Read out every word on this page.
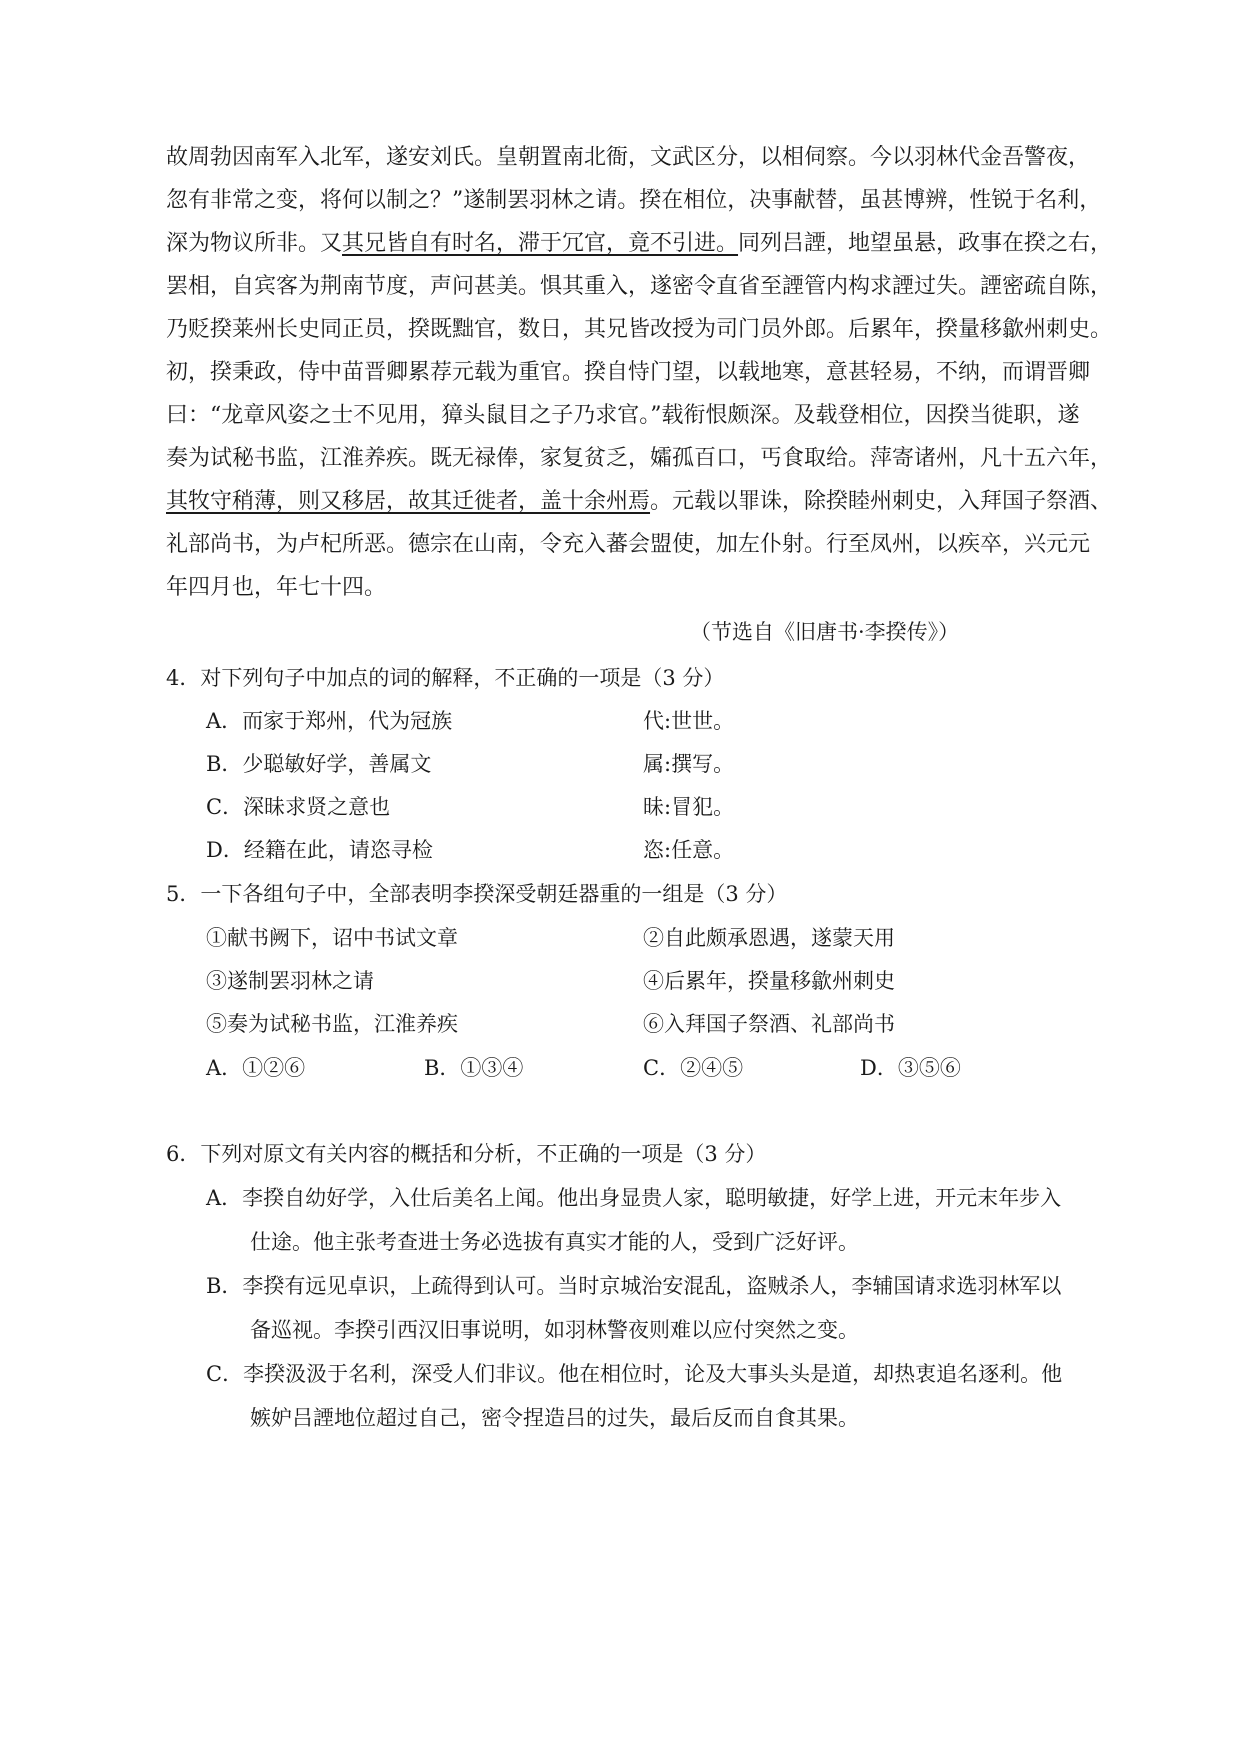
故周勃因南军入北军，遂安刘氏。皇朝置南北衙，文武区分，以相伺察。今以羽林代金吾警夜，
忽有非常之变，将何以制之？”遂制罢羽林之请。揆在相位，决事献替，虽甚博辨，性锐于名利，
深为物议所非。又其兄皆自有时名，滞于冗官，竟不引进。同列吕諲，地望虽悬，政事在揆之右，
罢相，自宾客为荆南节度，声问甚美。惧其重入，遂密令直省至諲管内构求諲过失。諲密疏自陈，
乃贬揆莱州长史同正员，揆既黜官，数日，其兄皆改授为司门员外郎。后累年，揆量移歙州刺史。
初，揆秉政，侍中苗晋卿累荐元载为重官。揆自恃门望，以载地寒，意甚轻易，不纳，而谓晋卿
曰：“龙章风姿之士不见用，獐头鼠目之子乃求官。”载衔恨颇深。及载登相位，因揆当徙职，遂
奏为试秘书监，江淮养疾。既无禄俸，家复贫乏，孀孤百口，丐食取给。萍寄诸州，凡十五六年，
其牧守稍薄，则又移居，故其迁徙者，盖十余州焉。元载以罪诛，除揆睦州刺史，入拜国子祭酒、
礼部尚书，为卢杞所恶。德宗在山南，令充入蕃会盟使，加左仆射。行至凤州，以疾卒，兴元元
年四月也，年七十四。
（节选自《旧唐书·李揆传》）
4．对下列句子中加点的词的解释，不正确的一项是（3 分）
A．而家于郑州，代为冠族	代:世世。
B．少聪敏好学，善属文	属:撰写。
C．深昧求贤之意也	昧:冒犯。
D．经籍在此，请恣寻检	恣:任意。
5．一下各组句子中，全部表明李揆深受朝廷器重的一组是（3 分）
①献书阙下，诏中书试文章	②自此颇承恩遇，遂蒙天用
③遂制罢羽林之请	④后累年，揆量移歙州刺史
⑤奏为试秘书监，江淮养疾	⑥入拜国子祭酒、礼部尚书
A．①②⑥	B．①③④	C．②④⑤	D．③⑤⑥
6．下列对原文有关内容的概括和分析，不正确的一项是（3 分）
A．李揆自幼好学，入仕后美名上闻。他出身显贵人家，聪明敏捷，好学上进，开元末年步入
仕途。他主张考查进士务必选拔有真实才能的人，受到广泛好评。
B．李揆有远见卓识，上疏得到认可。当时京城治安混乱，盗贼杀人，李辅国请求选羽林军以
备巡视。李揆引西汉旧事说明，如羽林警夜则难以应付突然之变。
C．李揆汲汲于名利，深受人们非议。他在相位时，论及大事头头是道，却热衷追名逐利。他
嫉妒吕諲地位超过自己，密令捏造吕的过失，最后反而自食其果。
